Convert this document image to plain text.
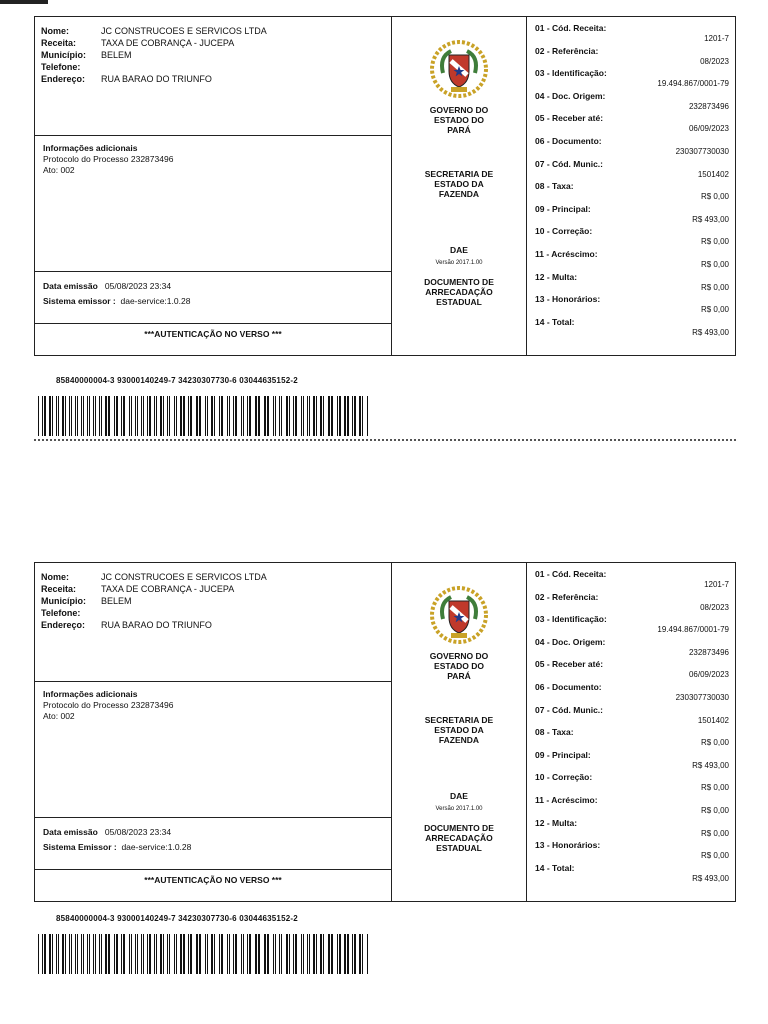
Nome:	JC CONSTRUCOES E SERVICOS LTDA
Receita:	TAXA DE COBRANÇA - JUCEPA
Município: BELEM
Telefone:
Endereço: RUA BARAO DO TRIUNFO
Informações adicionais
Protocolo do Processo 232873496
Ato: 002
Data emissão 05/08/2023 23:34
Sistema emissor : dae-service:1.0.28
***AUTENTICAÇÃO NO VERSO ***
GOVERNO DO
ESTADO DO
PARÁ
SECRETARIA DE
ESTADO DA
FAZENDA
DAE
Versão 2017.1.00
DOCUMENTO DE
ARRECADAÇÃO
ESTADUAL
01 - Cód. Receita:
1201-7
02 - Referência:
08/2023
03 - Identificação:
19.494.867/0001-79
04 - Doc. Origem:
232873496
05 - Receber até:
06/09/2023
06 - Documento:
230307730030
07 - Cód. Munic.:
1501402
08 - Taxa:
R$ 0,00
09 - Principal:
R$ 493,00
10 - Correção:
R$ 0,00
11 - Acréscimo:
R$ 0,00
12 - Multa:
R$ 0,00
13 - Honorários:
R$ 0,00
14 - Total:
R$ 493,00
85840000004-3 93000140249-7 34230307730-6 03044635152-2
Nome:	JC CONSTRUCOES E SERVICOS LTDA
Receita:	TAXA DE COBRANÇA - JUCEPA
Município: BELEM
Telefone:
Endereço: RUA BARAO DO TRIUNFO
Informações adicionais
Protocolo do Processo 232873496
Ato: 002
Data emissão 05/08/2023 23:34
Sistema Emissor : dae-service:1.0.28
***AUTENTICAÇÃO NO VERSO ***
GOVERNO DO
ESTADO DO
PARÁ
SECRETARIA DE
ESTADO DA
FAZENDA
DAE
Versão 2017.1.00
DOCUMENTO DE
ARRECADAÇÃO
ESTADUAL
01 - Cód. Receita:
1201-7
02 - Referência:
08/2023
03 - Identificação:
19.494.867/0001-79
04 - Doc. Origem:
232873496
05 - Receber até:
06/09/2023
06 - Documento:
230307730030
07 - Cód. Munic.:
1501402
08 - Taxa:
R$ 0,00
09 - Principal:
R$ 493,00
10 - Correção:
R$ 0,00
11 - Acréscimo:
R$ 0,00
12 - Multa:
R$ 0,00
13 - Honorários:
R$ 0,00
14 - Total:
R$ 493,00
85840000004-3 93000140249-7 34230307730-6 03044635152-2
